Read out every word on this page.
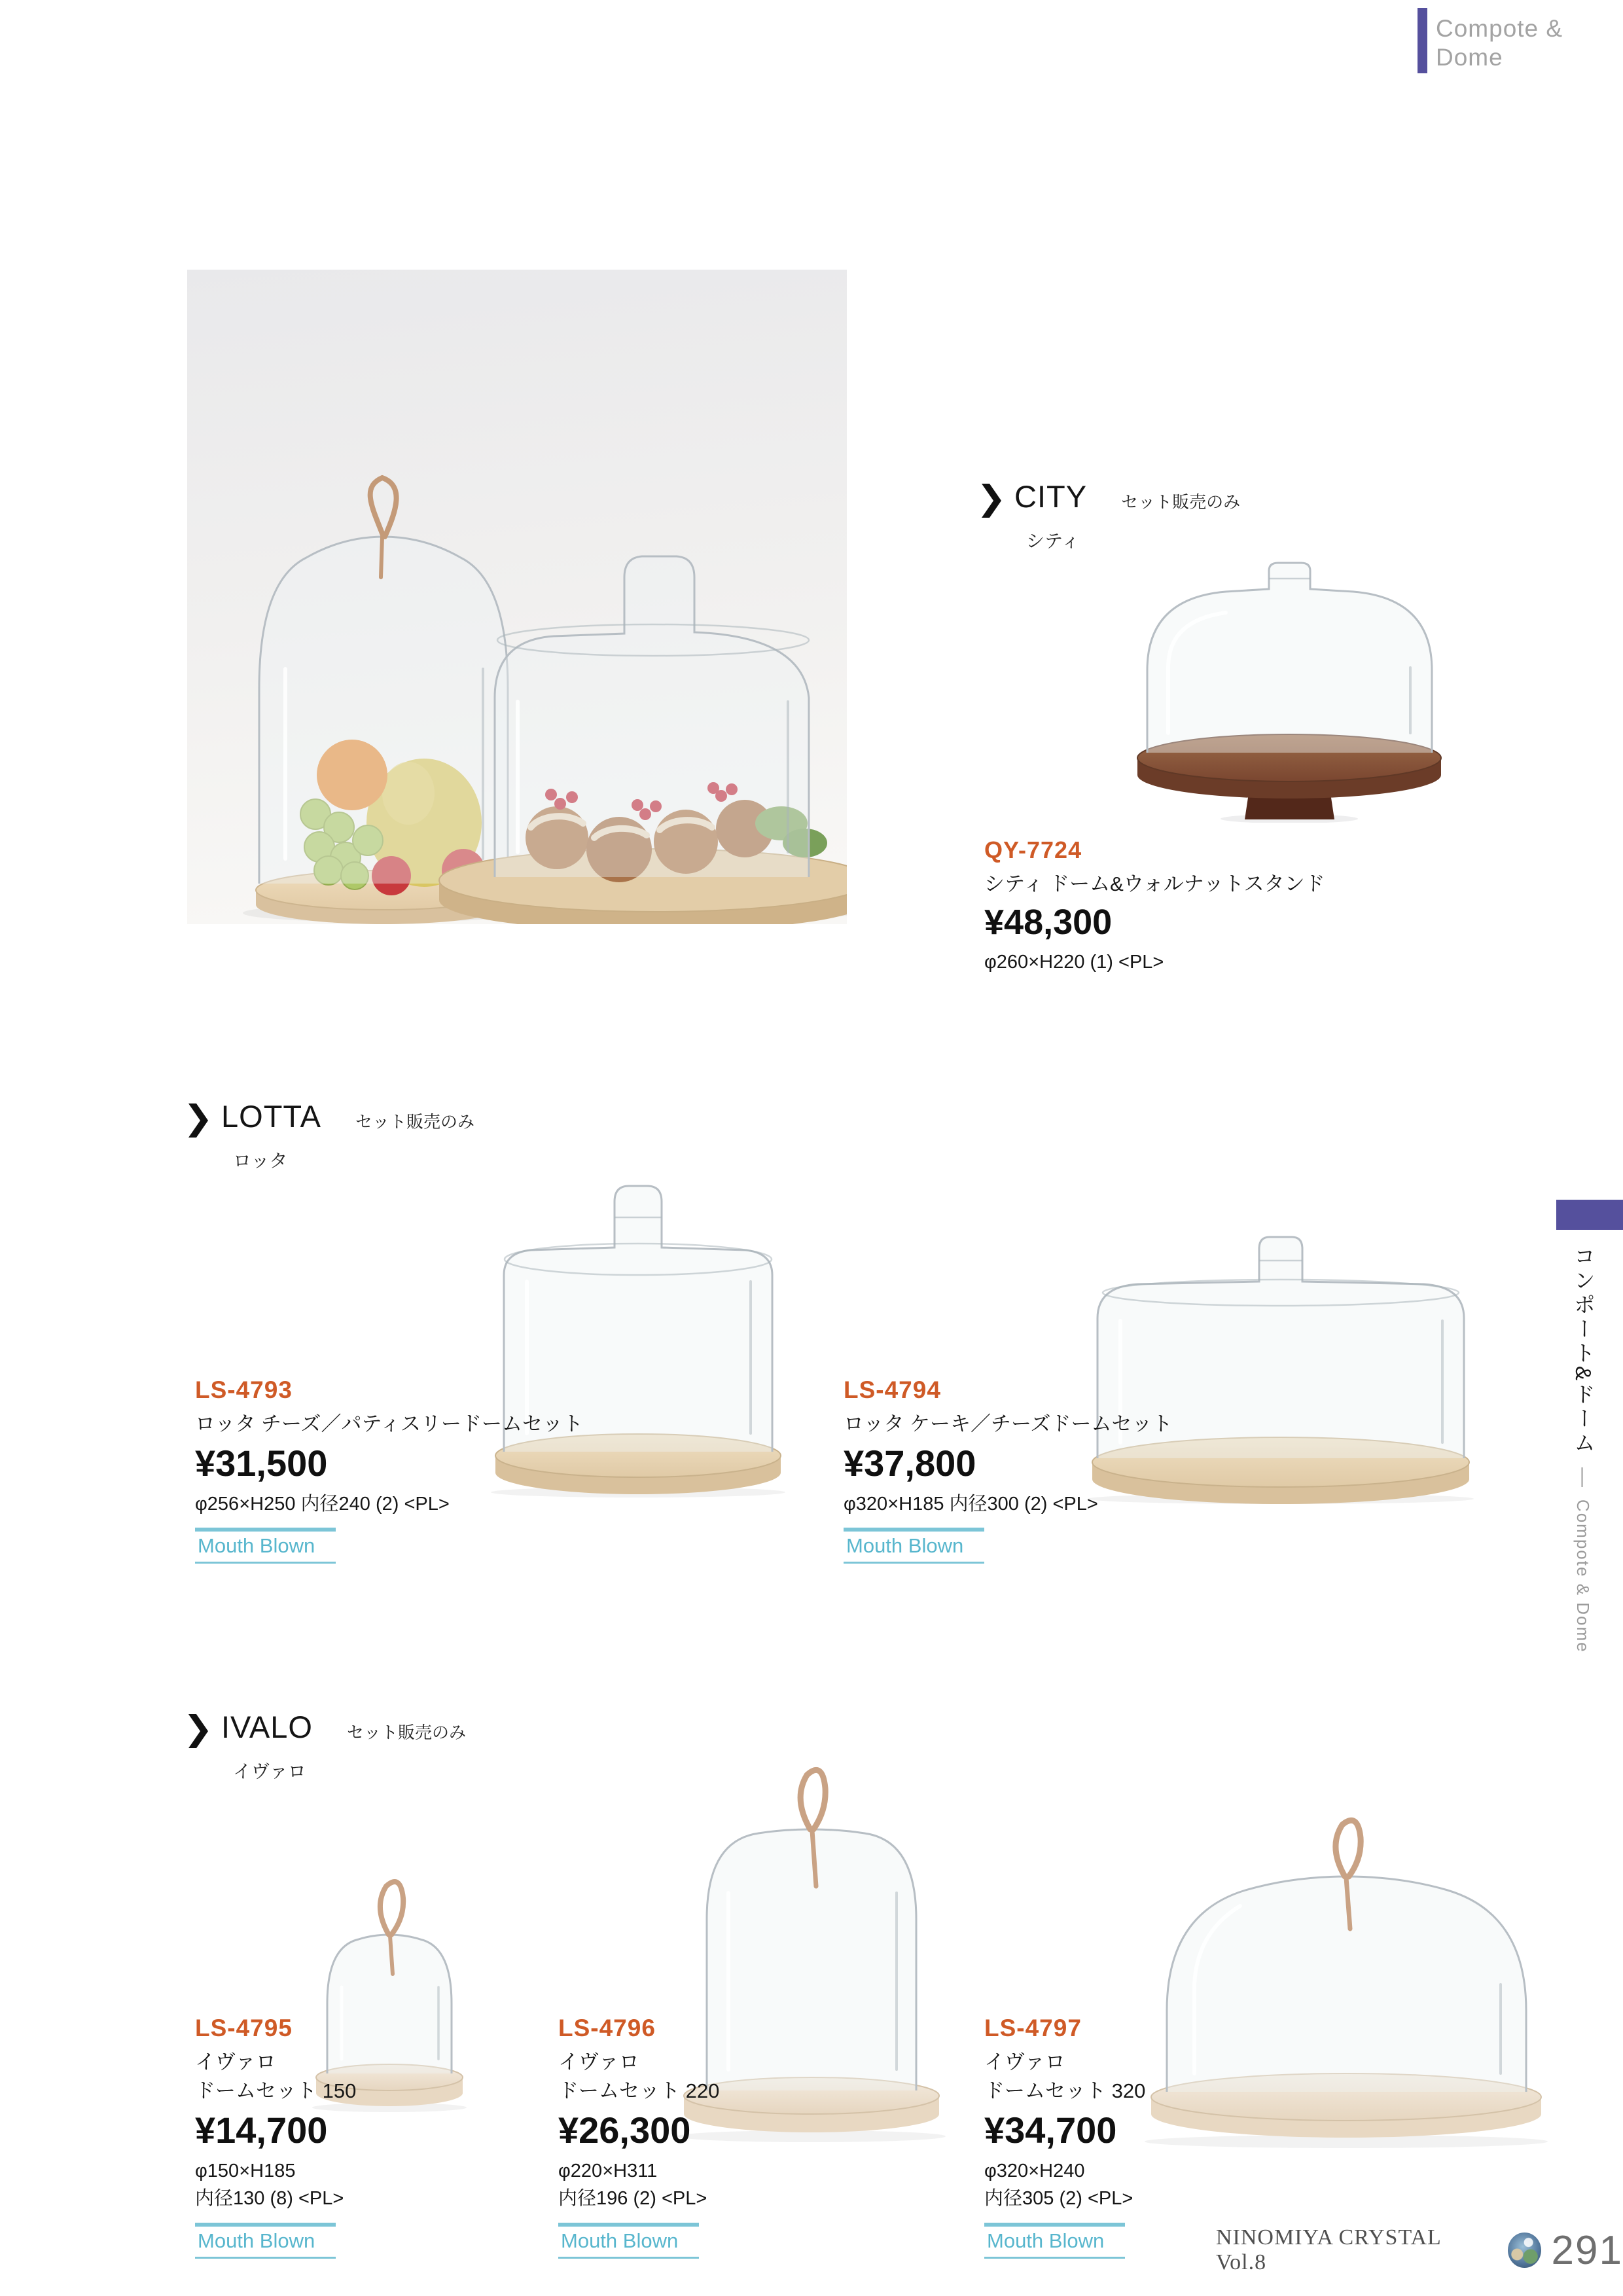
Compote &
Dome
CITY セット販売のみ
シティ
QY-7724
シティ ドーム&ウォルナットスタンド
¥48,300
φ260×H220 (1) <PL>
LOTTA セット販売のみ
ロッタ
LS-4793
ロッタ チーズ／パティスリードームセット
¥31,500
φ256×H250 内径240 (2) <PL>
Mouth Blown
LS-4794
ロッタ ケーキ／チーズドームセット
¥37,800
φ320×H185 内径300 (2) <PL>
Mouth Blown
IVALO セット販売のみ
イヴァロ
LS-4795
イヴァロ
ドームセット 150
¥14,700
φ150×H185
内径130 (8) <PL>
Mouth Blown
LS-4796
イヴァロ
ドームセット 220
¥26,300
φ220×H311
内径196 (2) <PL>
Mouth Blown
LS-4797
イヴァロ
ドームセット 320
¥34,700
φ320×H240
内径305 (2) <PL>
Mouth Blown
コンポート&ドーム ― Compote & Dome
NINOMIYA CRYSTAL Vol.8	291
